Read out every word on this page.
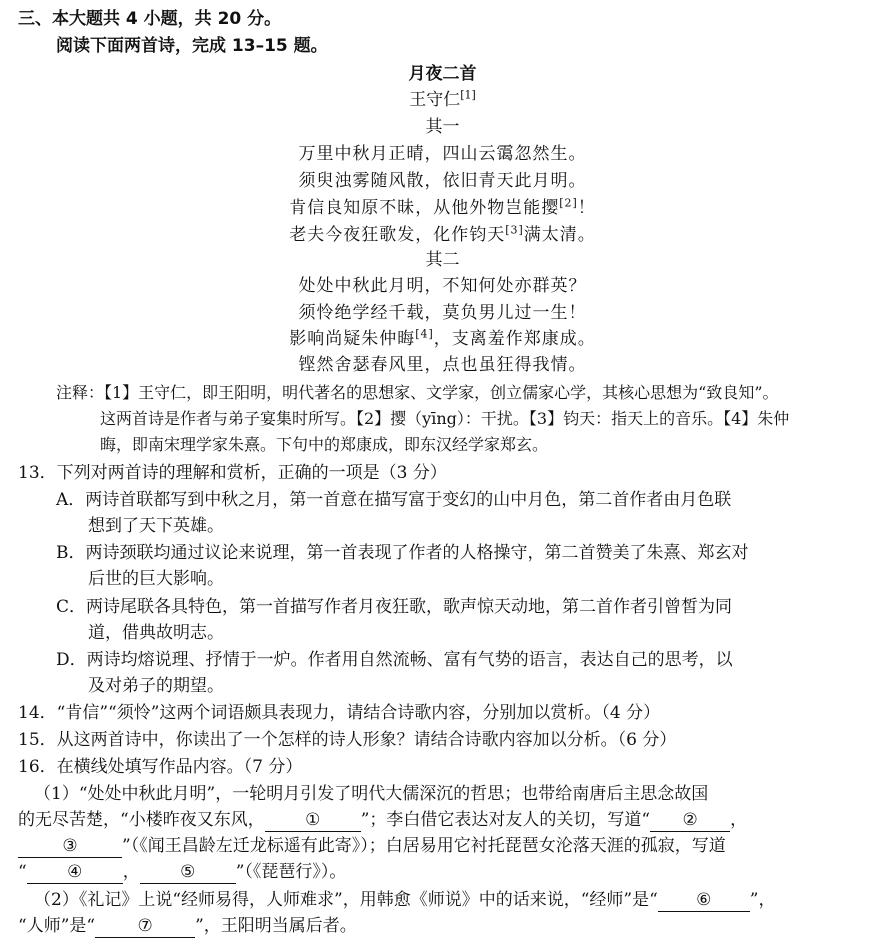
三、本大题共 4 小题，共 20 分。
阅读下面两首诗，完成 13–15 题。
月夜二首
王守仁[1]
其一
万里中秋月正晴，四山云霭忽然生。
须臾浊雾随风散，依旧青天此月明。
肯信良知原不昧，从他外物岂能撄[2]！
老夫今夜狂歌发，化作钧天[3]满太清。
其二
处处中秋此月明，不知何处亦群英？
须怜绝学经千载，莫负男儿过一生！
影响尚疑朱仲晦[4]，支离羞作郑康成。
铿然舍瑟春风里，点也虽狂得我情。
注释：【1】王守仁，即王阳明，明代著名的思想家、文学家，创立儒家心学，其核心思想为“致良知”。
这两首诗是作者与弟子宴集时所写。【2】撄（yīng）：干扰。【3】钧天：指天上的音乐。【4】朱仲
晦，即南宋理学家朱熹。下句中的郑康成，即东汉经学家郑玄。
13．下列对两首诗的理解和赏析，正确的一项是（3 分）
A．两诗首联都写到中秋之月，第一首意在描写富于变幻的山中月色，第二首作者由月色联
想到了天下英雄。
B．两诗颈联均通过议论来说理，第一首表现了作者的人格操守，第二首赞美了朱熹、郑玄对
后世的巨大影响。
C．两诗尾联各具特色，第一首描写作者月夜狂歌，歌声惊天动地，第二首作者引曾皙为同
道，借典故明志。
D．两诗均熔说理、抒情于一炉。作者用自然流畅、富有气势的语言，表达自己的思考，以
及对弟子的期望。
14．“肯信”“须怜”这两个词语颇具表现力，请结合诗歌内容，分别加以赏析。（4 分）
15．从这两首诗中，你读出了一个怎样的诗人形象？请结合诗歌内容加以分析。（6 分）
16．在横线处填写作品内容。（7 分）
（1）“处处中秋此月明”，一轮明月引发了明代大儒深沉的哲思；也带给南唐后主思念故国
的无尽苦楚，“小楼昨夜又东风， ① ”；李白借它表达对友人的关切，写道“ ② ，
③	”（《闻王昌龄左迁龙标遥有此寄》）；白居易用它衬托琵琶女沦落天涯的孤寂，写道
“ ④ ， ⑤ ”（《琵琶行》）。
（2）《礼记》上说“经师易得，人师难求”，用韩愈《师说》中的话来说，“经师”是“ ⑥ ”，
“人师”是“ ⑦ ”，王阳明当属后者。
